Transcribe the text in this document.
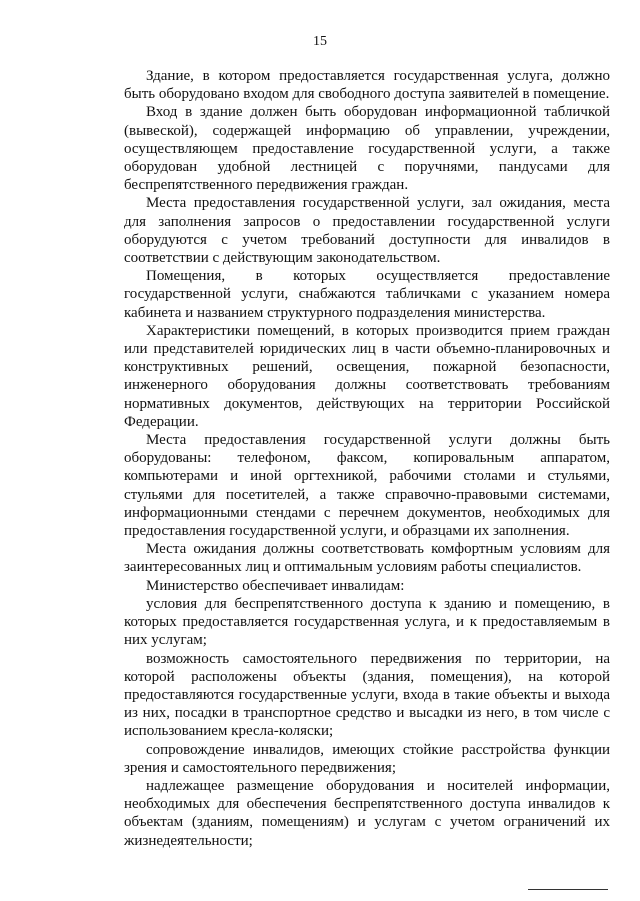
15

Здание, в котором предоставляется государственная услуга, должно быть оборудовано входом для свободного доступа заявителей в помещение.

Вход в здание должен быть оборудован информационной табличкой (вывеской), содержащей информацию об управлении, учреждении, осуществляющем предоставление государственной услуги, а также оборудован удобной лестницей с поручнями, пандусами для беспрепятственного передвижения граждан.

Места предоставления государственной услуги, зал ожидания, места для заполнения запросов о предоставлении государственной услуги оборудуются с учетом требований доступности для инвалидов в соответствии с действующим законодательством.

Помещения, в которых осуществляется предоставление государственной услуги, снабжаются табличками с указанием номера кабинета и названием структурного подразделения министерства.

Характеристики помещений, в которых производится прием граждан или представителей юридических лиц в части объемно-планировочных и конструктивных решений, освещения, пожарной безопасности, инженерного оборудования должны соответствовать требованиям нормативных документов, действующих на территории Российской Федерации.

Места предоставления государственной услуги должны быть оборудованы: телефоном, факсом, копировальным аппаратом, компьютерами и иной оргтехникой, рабочими столами и стульями, стульями для посетителей, а также справочно-правовыми системами, информационными стендами с перечнем документов, необходимых для предоставления государственной услуги, и образцами их заполнения.

Места ожидания должны соответствовать комфортным условиям для заинтересованных лиц и оптимальным условиям работы специалистов.

Министерство обеспечивает инвалидам:

условия для беспрепятственного доступа к зданию и помещению, в которых предоставляется государственная услуга, и к предоставляемым в них услугам;

возможность самостоятельного передвижения по территории, на которой расположены объекты (здания, помещения), на которой предоставляются государственные услуги, входа в такие объекты и выхода из них, посадки в транспортное средство и высадки из него, в том числе с использованием кресла-коляски;

сопровождение инвалидов, имеющих стойкие расстройства функции зрения и самостоятельного передвижения;

надлежащее размещение оборудования и носителей информации, необходимых для обеспечения беспрепятственного доступа инвалидов к объектам (зданиям, помещениям) и услугам с учетом ограничений их жизнедеятельности;
